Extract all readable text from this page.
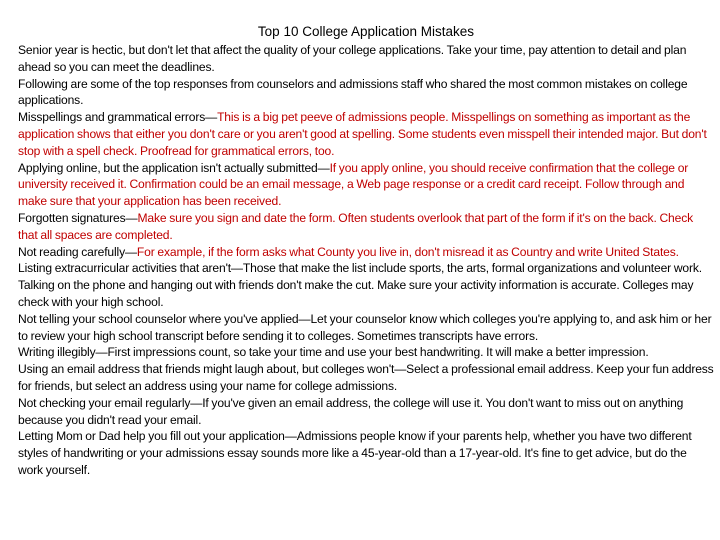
Top 10 College Application Mistakes

Senior year is hectic, but don't let that affect the quality of your college applications. Take your time, pay attention to detail and plan ahead so you can meet the deadlines.

Following are some of the top responses from counselors and admissions staff who shared the most common mistakes on college applications.

Misspellings and grammatical errors—This is a big pet peeve of admissions people. Misspellings on something as important as the application shows that either you don't care or you aren't good at spelling. Some students even misspell their intended major. But don't stop with a spell check. Proofread for grammatical errors, too.

Applying online, but the application isn't actually submitted—If you apply online, you should receive confirmation that the college or university received it. Confirmation could be an email message, a Web page response or a credit card receipt. Follow through and make sure that your application has been received.

Forgotten signatures—Make sure you sign and date the form. Often students overlook that part of the form if it's on the back. Check that all spaces are completed.

Not reading carefully—For example, if the form asks what County you live in, don't misread it as Country and write United States.

Listing extracurricular activities that aren't—Those that make the list include sports, the arts, formal organizations and volunteer work. Talking on the phone and hanging out with friends don't make the cut. Make sure your activity information is accurate. Colleges may check with your high school.

Not telling your school counselor where you've applied—Let your counselor know which colleges you're applying to, and ask him or her to review your high school transcript before sending it to colleges. Sometimes transcripts have errors.

Writing illegibly—First impressions count, so take your time and use your best handwriting. It will make a better impression.

Using an email address that friends might laugh about, but colleges won't—Select a professional email address. Keep your fun address for friends, but select an address using your name for college admissions.

Not checking your email regularly—If you've given an email address, the college will use it. You don't want to miss out on anything because you didn't read your email.

Letting Mom or Dad help you fill out your application—Admissions people know if your parents help, whether you have two different styles of handwriting or your admissions essay sounds more like a 45-year-old than a 17-year-old. It's fine to get advice, but do the work yourself.
